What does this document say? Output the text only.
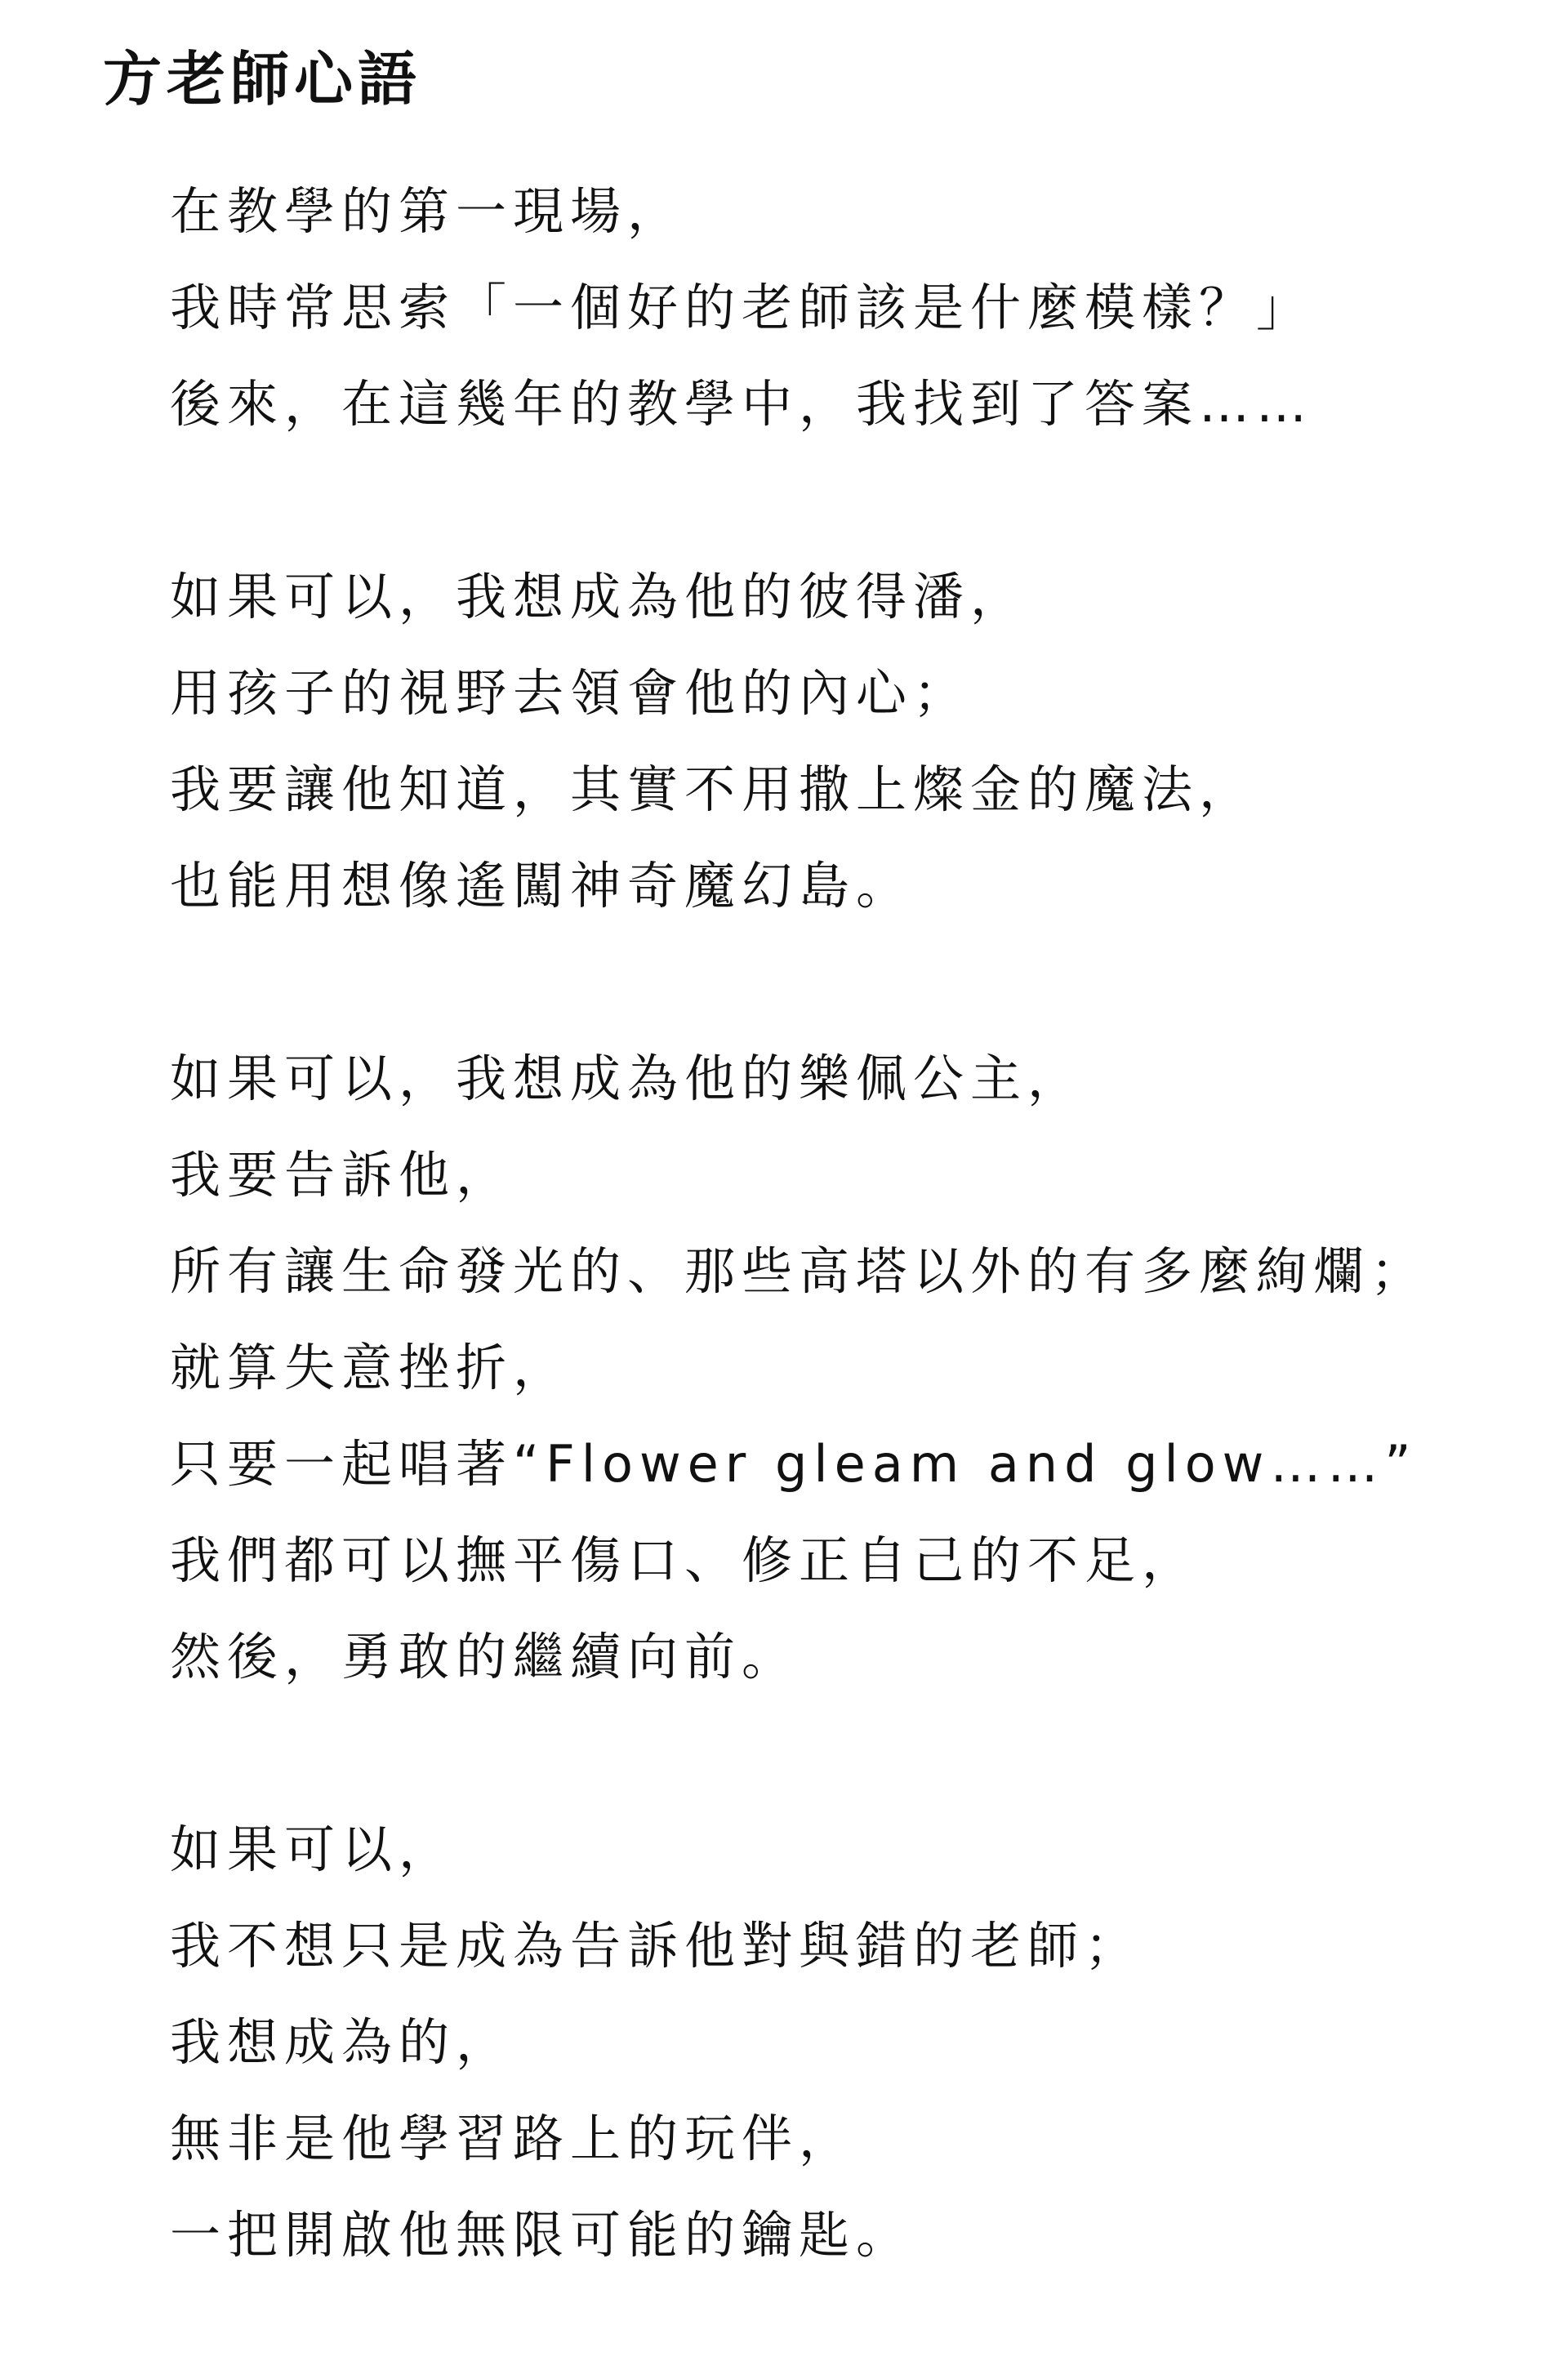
方老師心語
在教學的第一現場，
我時常思索「一個好的老師該是什麼模樣？」
後來，在這幾年的教學中，我找到了答案……
如果可以，我想成為他的彼得潘，
用孩子的視野去領會他的內心；
我要讓他知道，其實不用撒上燦金的魔法，
也能用想像遙闖神奇魔幻島。
如果可以，我想成為他的樂佩公主，
我要告訴他，
所有讓生命發光的、那些高塔以外的有多麼絢爛；
就算失意挫折，
只要一起唱著“Flower gleam and glow……”
我們都可以撫平傷口、修正自己的不足，
然後，勇敢的繼續向前。
如果可以，
我不想只是成為告訴他對與錯的老師；
我想成為的，
無非是他學習路上的玩伴，
一把開啟他無限可能的鑰匙。
